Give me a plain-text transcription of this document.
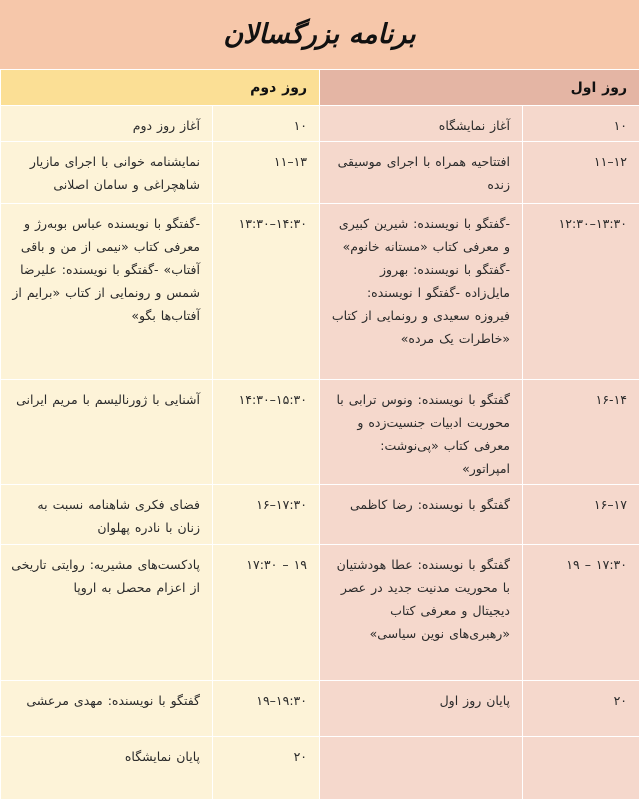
برنامه بزرگسالان
روز اول		روز دوم	
۱۰	آغاز نمایشگاه	۱۰	آغاز روز دوم
۱۲–۱۱	افتتاحیه همراه با اجرای موسیقی زنده	۱۳–۱۱	نمایشنامه خوانی با اجرای مازیار شاهچراغی و سامان اصلانی
۱۳:۳۰–۱۲:۳۰	-گفتگو با نویسنده: شیرین کبیری و معرفی کتاب «مستانه خانوم» -گفتگو با نویسنده: بهروز مایل‌زاده -گفتگو ا نویسنده: فیروزه سعیدی و رونمایی از کتاب «خاطرات یک مرده»	۱۴:۳۰–۱۳:۳۰	-گفتگو با نویسنده عباس بوبه‌رژ و معرفی کتاب «نیمی از من و باقی آفتاب» -گفتگو با نویسنده: علیرضا شمس و رونمایی از کتاب «برایم از آفتاب‌ها بگو»
۱۶-۱۴	گفتگو با نویسنده: ونوس ترابی با محوریت ادبیات جنسیت‌زده و معرفی کتاب «پی‌نوشت: امپراتور»	۱۵:۳۰–۱۴:۳۰	آشنایی با ژورنالیسم با مریم ایرانی
۱۷–۱۶	گفتگو با نویسنده: رضا کاظمی	۱۷:۳۰–۱۶	فضای فکری شاهنامه نسبت به زنان با نادره پهلوان
۱۷:۳۰ – ۱۹	گفتگو با نویسنده: عطا هودشتیان با محوریت مدنیت جدید در عصر دیجیتال و معرفی کتاب «رهبری‌های نوین سیاسی»	۱۹ – ۱۷:۳۰	پادکست‌های مشیریه: روایتی تاریخی از اعزام محصل به اروپا
۲۰	پایان روز اول	۱۹:۳۰–۱۹	گفتگو با نویسنده: مهدی مرعشی
		۲۰	پایان نمایشگاه
